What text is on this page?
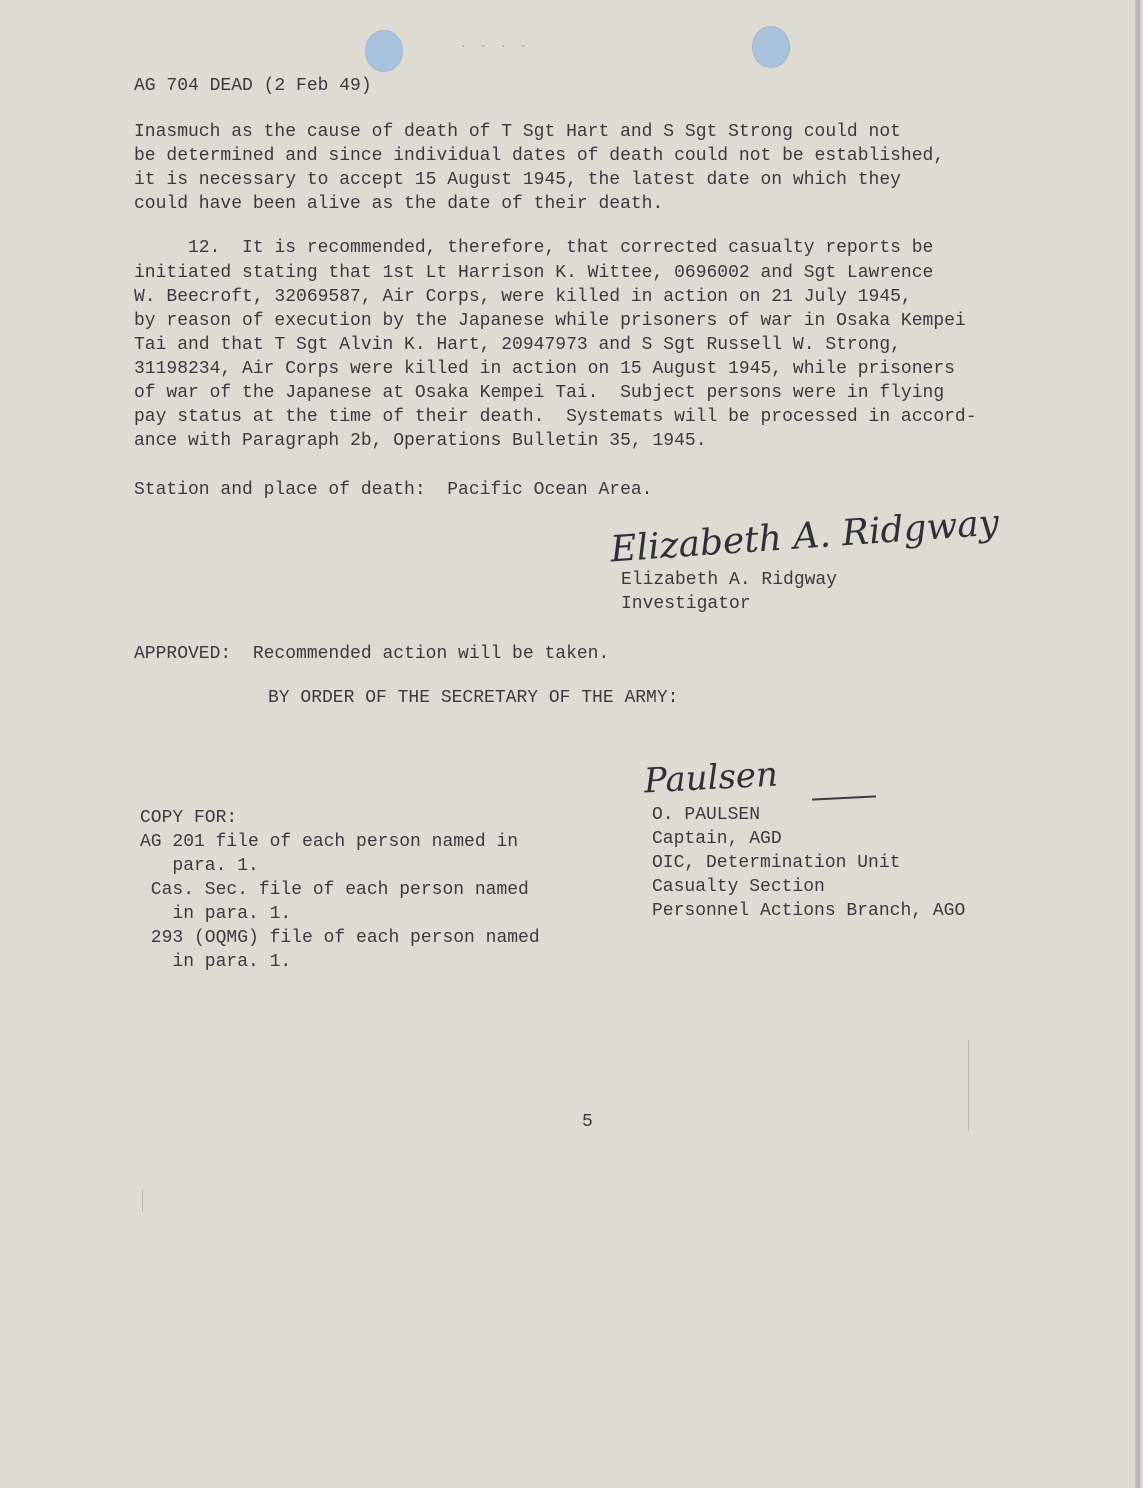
· - · -
AG 704 DEAD (2 Feb 49)
Inasmuch as the cause of death of T Sgt Hart and S Sgt Strong could not
be determined and since individual dates of death could not be established,
it is necessary to accept 15 August 1945, the latest date on which they
could have been alive as the date of their death.
12.  It is recommended, therefore, that corrected casualty reports be
initiated stating that 1st Lt Harrison K. Wittee, 0696002 and Sgt Lawrence
W. Beecroft, 32069587, Air Corps, were killed in action on 21 July 1945,
by reason of execution by the Japanese while prisoners of war in Osaka Kempei
Tai and that T Sgt Alvin K. Hart, 20947973 and S Sgt Russell W. Strong,
31198234, Air Corps were killed in action on 15 August 1945, while prisoners
of war of the Japanese at Osaka Kempei Tai.  Subject persons were in flying
pay status at the time of their death.  Systemats will be processed in accord-
ance with Paragraph 2b, Operations Bulletin 35, 1945.
Station and place of death:  Pacific Ocean Area.
Elizabeth A. Ridgway
Elizabeth A. Ridgway
Investigator
APPROVED:  Recommended action will be taken.
BY ORDER OF THE SECRETARY OF THE ARMY:
Paulsen
O. PAULSEN
Captain, AGD
OIC, Determination Unit
Casualty Section
Personnel Actions Branch, AGO
COPY FOR:
AG 201 file of each person named in
para. 1.
Cas. Sec. file of each person named
in para. 1.
293 (OQMG) file of each person named
in para. 1.
5
